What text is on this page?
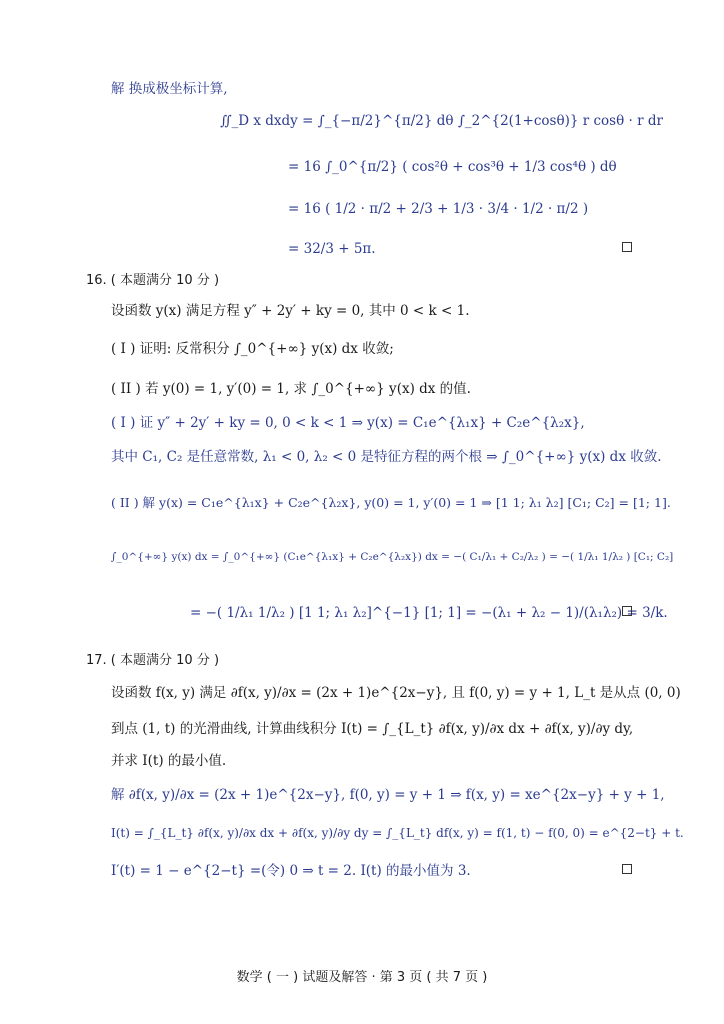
解 换成极坐标计算,
∬_D x dxdy = ∫_{−π/2}^{π/2} dθ ∫_2^{2(1+cosθ)} r cosθ · r dr
= 16 ∫_0^{π/2} ( cos²θ + cos³θ + 1/3 cos⁴θ ) dθ
= 16 ( 1/2 · π/2 + 2/3 + 1/3 · 3/4 · 1/2 · π/2 )
= 32/3 + 5π.
16. ( 本题满分 10 分 )
设函数 y(x) 满足方程 y″ + 2y′ + ky = 0, 其中 0 < k < 1.
( I ) 证明: 反常积分 ∫_0^{+∞} y(x) dx 收敛;
( II ) 若 y(0) = 1, y′(0) = 1, 求 ∫_0^{+∞} y(x) dx 的值.
( I ) 证 y″ + 2y′ + ky = 0, 0 < k < 1 ⇒ y(x) = C₁e^{λ₁x} + C₂e^{λ₂x},
其中 C₁, C₂ 是任意常数, λ₁ < 0, λ₂ < 0 是特征方程的两个根 ⇒ ∫_0^{+∞} y(x) dx 收敛.
( II ) 解 y(x) = C₁e^{λ₁x} + C₂e^{λ₂x}, y(0) = 1, y′(0) = 1 ⇒ [1 1; λ₁ λ₂] [C₁; C₂] = [1; 1].
∫_0^{+∞} y(x) dx = ∫_0^{+∞} (C₁e^{λ₁x} + C₂e^{λ₂x}) dx = −( C₁/λ₁ + C₂/λ₂ ) = −( 1/λ₁ 1/λ₂ ) [C₁; C₂]
= −( 1/λ₁ 1/λ₂ ) [1 1; λ₁ λ₂]^{−1} [1; 1] = −(λ₁ + λ₂ − 1)/(λ₁λ₂) = 3/k.
17. ( 本题满分 10 分 )
设函数 f(x, y) 满足 ∂f(x, y)/∂x = (2x + 1)e^{2x−y}, 且 f(0, y) = y + 1, L_t 是从点 (0, 0)
到点 (1, t) 的光滑曲线, 计算曲线积分 I(t) = ∫_{L_t} ∂f(x, y)/∂x dx + ∂f(x, y)/∂y dy,
并求 I(t) 的最小值.
解 ∂f(x, y)/∂x = (2x + 1)e^{2x−y}, f(0, y) = y + 1 ⇒ f(x, y) = xe^{2x−y} + y + 1,
I(t) = ∫_{L_t} ∂f(x, y)/∂x dx + ∂f(x, y)/∂y dy = ∫_{L_t} df(x, y) = f(1, t) − f(0, 0) = e^{2−t} + t.
I′(t) = 1 − e^{2−t} =(令) 0 ⇒ t = 2. I(t) 的最小值为 3.
数学 ( 一 ) 试题及解答 · 第 3 页 ( 共 7 页 )
